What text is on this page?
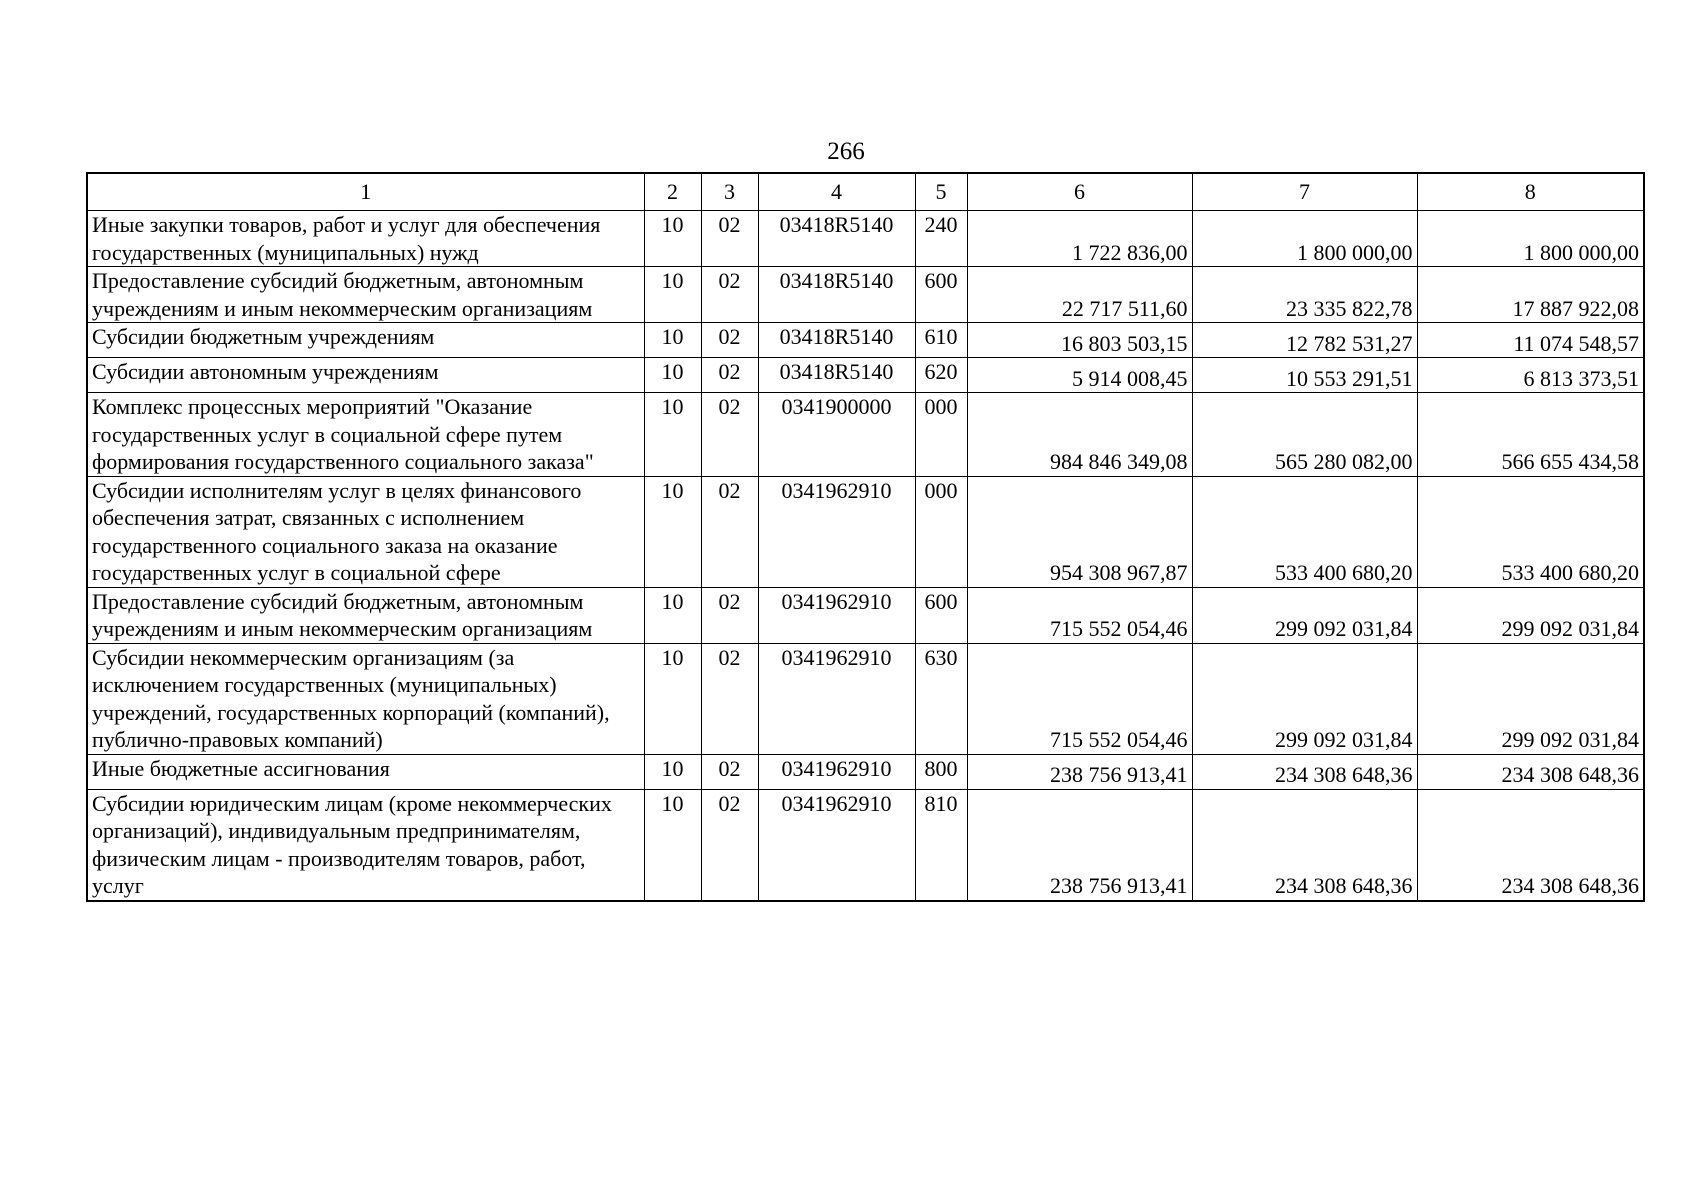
266
1	2	3	4	5	6	7	8
Иные закупки товаров, работ и услуг для обеспечения государственных (муниципальных) нужд	10	02	03418R5140	240	1 722 836,00	1 800 000,00	1 800 000,00
Предоставление субсидий бюджетным, автономным учреждениям и иным некоммерческим организациям	10	02	03418R5140	600	22 717 511,60	23 335 822,78	17 887 922,08
Субсидии бюджетным учреждениям	10	02	03418R5140	610	16 803 503,15	12 782 531,27	11 074 548,57
Субсидии автономным учреждениям	10	02	03418R5140	620	5 914 008,45	10 553 291,51	6 813 373,51
Комплекс процессных мероприятий "Оказание государственных услуг в социальной сфере путем формирования государственного социального заказа"	10	02	0341900000	000	984 846 349,08	565 280 082,00	566 655 434,58
Субсидии исполнителям услуг в целях финансового обеспечения затрат, связанных с исполнением государственного социального заказа на оказание государственных услуг в социальной сфере	10	02	0341962910	000	954 308 967,87	533 400 680,20	533 400 680,20
Предоставление субсидий бюджетным, автономным учреждениям и иным некоммерческим организациям	10	02	0341962910	600	715 552 054,46	299 092 031,84	299 092 031,84
Субсидии некоммерческим организациям (за исключением государственных (муниципальных) учреждений, государственных корпораций (компаний), публично-правовых компаний)	10	02	0341962910	630	715 552 054,46	299 092 031,84	299 092 031,84
Иные бюджетные ассигнования	10	02	0341962910	800	238 756 913,41	234 308 648,36	234 308 648,36
Субсидии юридическим лицам (кроме некоммерческих организаций), индивидуальным предпринимателям, физическим лицам - производителям товаров, работ, услуг	10	02	0341962910	810	238 756 913,41	234 308 648,36	234 308 648,36
